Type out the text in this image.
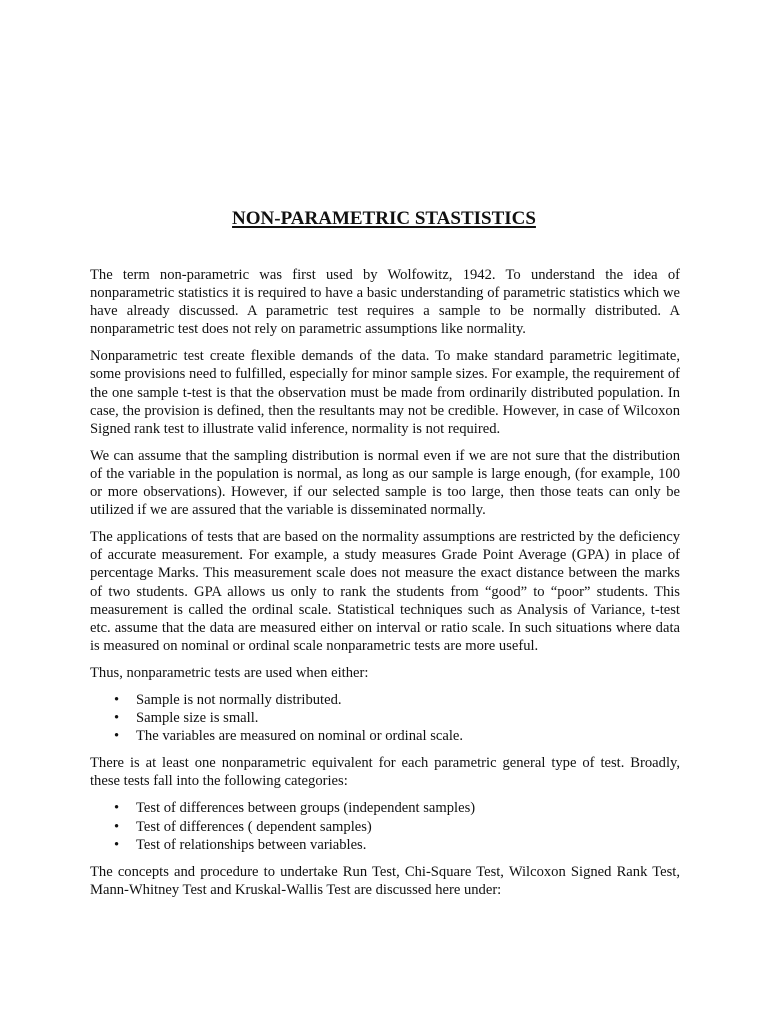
NON-PARAMETRIC STASTISTICS

The term non-parametric was first used by Wolfowitz, 1942. To understand the idea of nonparametric statistics it is required to have a basic understanding of parametric statistics which we have already discussed. A parametric test requires a sample to be normally distributed. A nonparametric test does not rely on parametric assumptions like normality.

Nonparametric test create flexible demands of the data. To make standard parametric legitimate, some provisions need to fulfilled, especially for minor sample sizes. For example, the requirement of the one sample t-test is that the observation must be made from ordinarily distributed population. In case, the provision is defined, then the resultants may not be credible. However, in case of Wilcoxon Signed rank test to illustrate valid inference, normality is not required.

We can assume that the sampling distribution is normal even if we are not sure that the distribution of the variable in the population is normal, as long as our sample is large enough, (for example, 100 or more observations). However, if our selected sample is too large, then those teats can only be utilized if we are assured that the variable is disseminated normally.

The applications of tests that are based on the normality assumptions are restricted by the deficiency of accurate measurement. For example, a study measures Grade Point Average (GPA) in place of percentage Marks. This measurement scale does not measure the exact distance between the marks of two students. GPA allows us only to rank the students from “good” to “poor” students. This measurement is called the ordinal scale. Statistical techniques such as Analysis of Variance, t-test etc. assume that the data are measured either on interval or ratio scale. In such situations where data is measured on nominal or ordinal scale nonparametric tests are more useful.

Thus, nonparametric tests are used when either:

• Sample is not normally distributed.
• Sample size is small.
• The variables are measured on nominal or ordinal scale.

There is at least one nonparametric equivalent for each parametric general type of test. Broadly, these tests fall into the following categories:

• Test of differences between groups (independent samples)
• Test of differences ( dependent samples)
• Test of relationships between variables.

The concepts and procedure to undertake Run Test, Chi-Square Test, Wilcoxon Signed Rank Test, Mann-Whitney Test and Kruskal-Wallis Test are discussed here under:
